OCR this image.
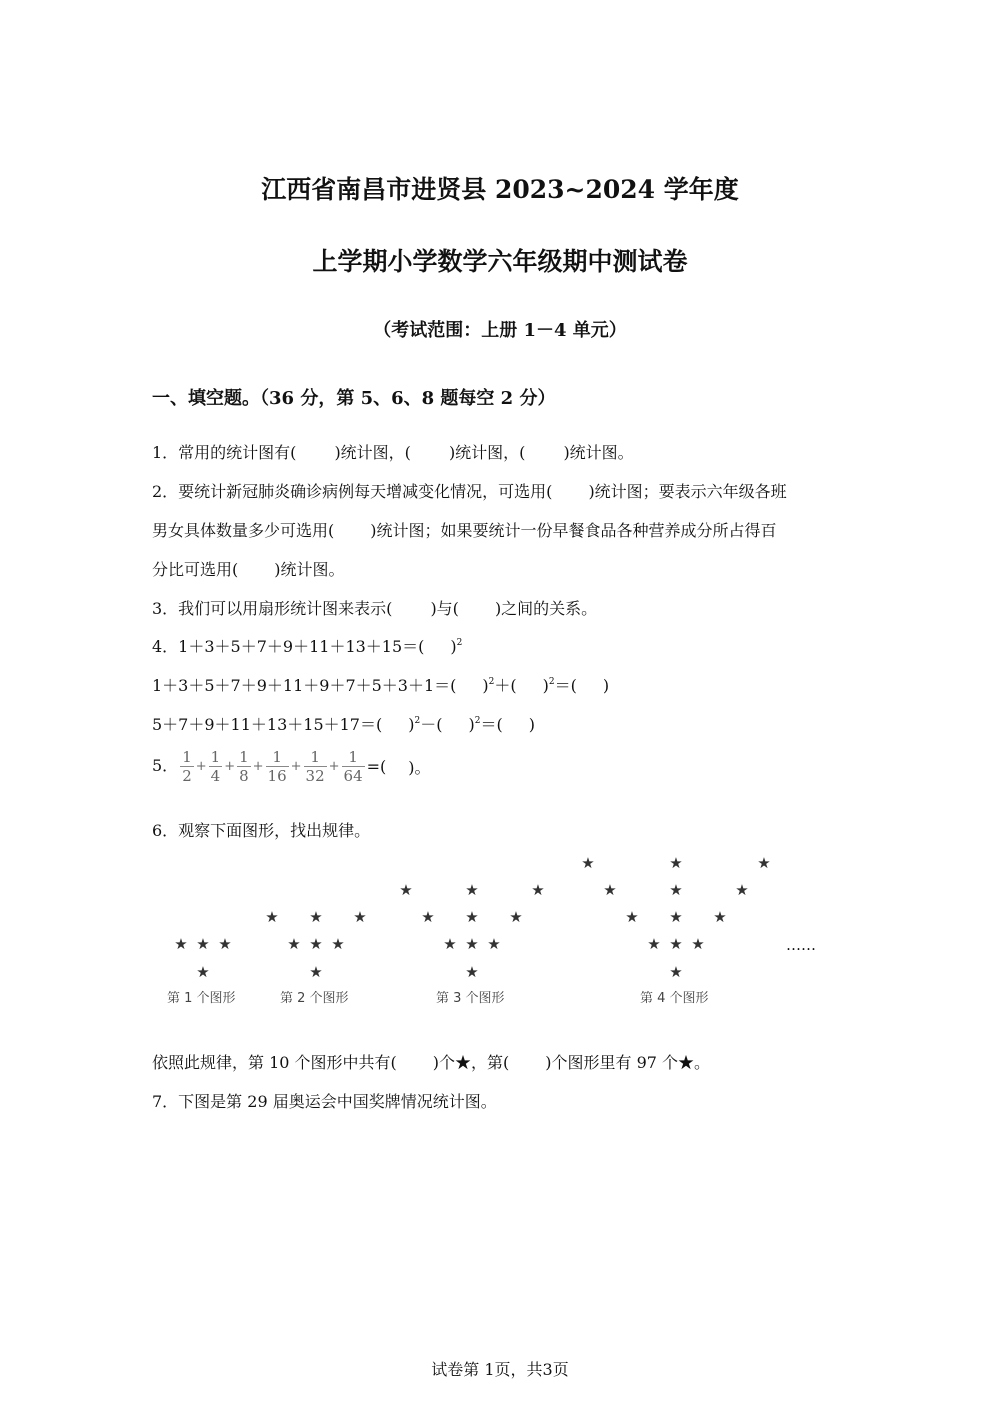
江西省南昌市进贤县 2023~2024 学年度
上学期小学数学六年级期中测试卷
（考试范围：上册 1－4 单元）
一、填空题。（36 分，第 5、6、8 题每空 2 分）
1．常用的统计图有( )统计图，( )统计图，( )统计图。
2．要统计新冠肺炎确诊病例每天增减变化情况，可选用( )统计图；要表示六年级各班
男女具体数量多少可选用( )统计图；如果要统计一份早餐食品各种营养成分所占得百
分比可选用( )统计图。
3．我们可以用扇形统计图来表示( )与( )之间的关系。
4．1＋3＋5＋7＋9＋11＋13＋15＝( )$^2$
1＋3＋5＋7＋9＋11＋9＋7＋5＋3＋1＝( )$^2$＋( )$^2$＝( )
5＋7＋9＋11＋13＋15＋17＝( )$^2$－( )$^2$＝( )
5． $\frac{1}{2} + \frac{1}{4} + \frac{1}{8} + \frac{1}{16} + \frac{1}{32} + \frac{1}{64}$ =( )。
6．观察下面图形，找出规律。
★
★
★ ★
★
★
★ ★
★
★	★
★
★
★ ★
★
★	★
★
★	★
★
★
★ ★
★
★	★
★
★	★
★
★	★
第 1 个图形	第 2 个图形	第 3 个图形	第 4 个图形
……
依照此规律，第 10 个图形中共有( )个★，第( )个图形里有 97 个★。
7．下图是第 29 届奥运会中国奖牌情况统计图。
试卷第 1页，共3页
